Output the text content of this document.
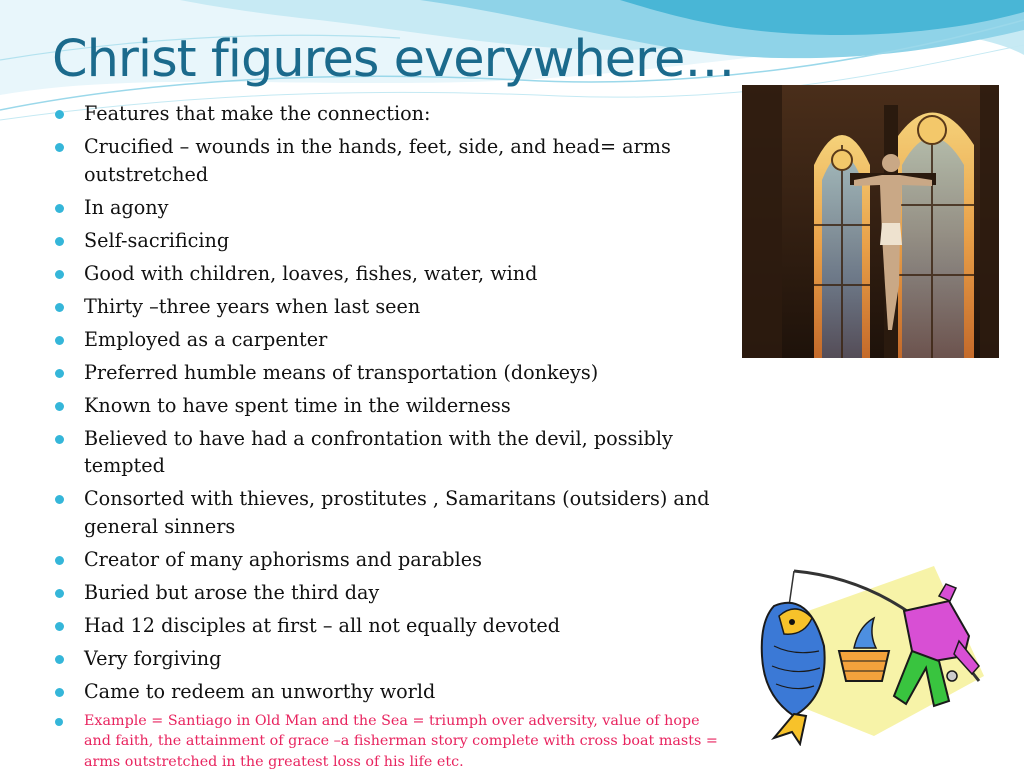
Christ figures everywhere…
Features that make the connection:
Crucified – wounds in the hands, feet, side, and head= arms outstretched
In agony
Self-sacrificing
Good with children, loaves, fishes, water, wind
Thirty –three years when last seen
Employed as a carpenter
Preferred humble means of transportation (donkeys)
Known to have spent time in the wilderness
Believed to have had a confrontation with the devil, possibly tempted
Consorted with thieves, prostitutes , Samaritans (outsiders) and general sinners
Creator of many aphorisms and parables
Buried but arose the third day
Had 12 disciples at first – all not equally devoted
Very forgiving
Came to redeem an unworthy world
Example = Santiago in Old Man and the Sea = triumph over adversity, value of hope and faith, the attainment of grace –a fisherman story complete with cross boat masts = arms outstretched in the greatest loss of his life etc.
